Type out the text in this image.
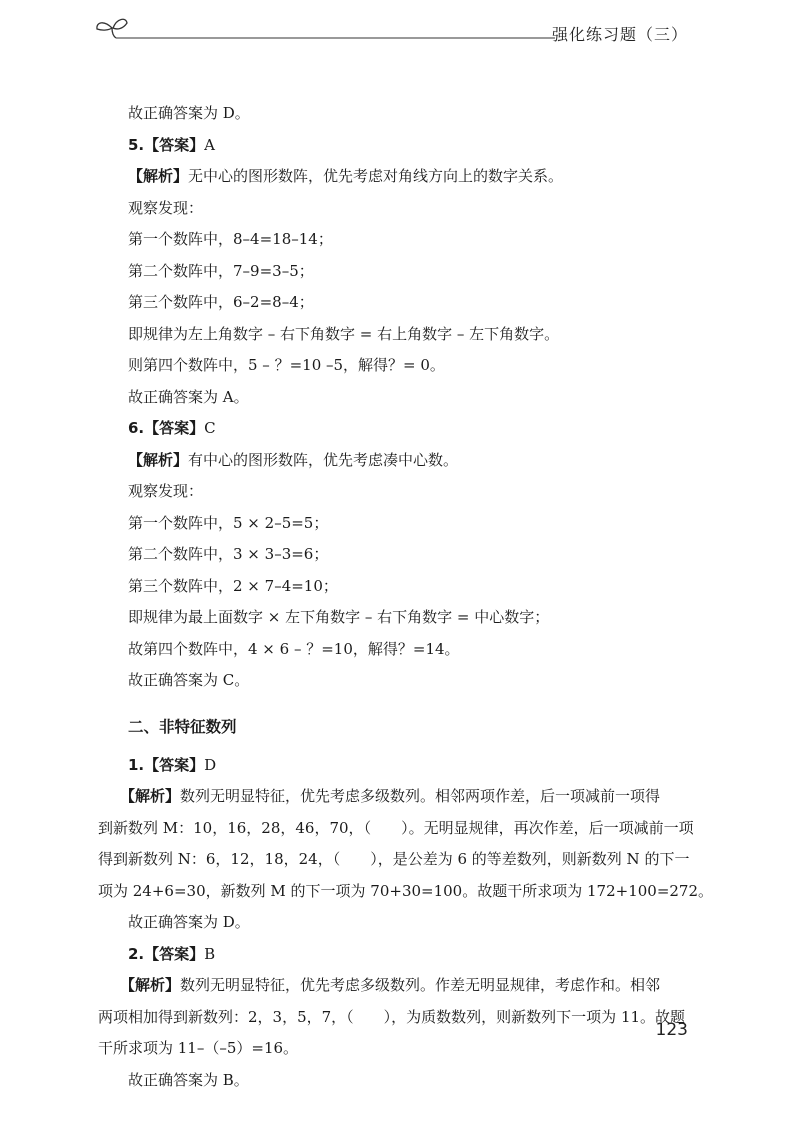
强化练习题（三）
故正确答案为 D。
5.【答案】A
【解析】无中心的图形数阵，优先考虑对角线方向上的数字关系。
观察发现：
第一个数阵中，8–4=18–14；
第二个数阵中，7–9=3–5；
第三个数阵中，6–2=8–4；
即规律为左上角数字 – 右下角数字 = 右上角数字 – 左下角数字。
则第四个数阵中，5 – ？=10 –5，解得？= 0。
故正确答案为 A。
6.【答案】C
【解析】有中心的图形数阵，优先考虑凑中心数。
观察发现：
第一个数阵中，5 × 2–5=5；
第二个数阵中，3 × 3–3=6；
第三个数阵中，2 × 7–4=10；
即规律为最上面数字 × 左下角数字 – 右下角数字 = 中心数字；
故第四个数阵中，4 × 6 – ？=10，解得？=14。
故正确答案为 C。
二、非特征数列
1.【答案】D
【解析】数列无明显特征，优先考虑多级数列。相邻两项作差，后一项减前一项得
到新数列 M：10，16，28，46，70，（　　）。无明显规律，再次作差，后一项减前一项
得到新数列 N：6，12，18，24，（　　），是公差为 6 的等差数列，则新数列 N 的下一
项为 24+6=30，新数列 M 的下一项为 70+30=100。故题干所求项为 172+100=272。
故正确答案为 D。
2.【答案】B
【解析】数列无明显特征，优先考虑多级数列。作差无明显规律，考虑作和。相邻
两项相加得到新数列：2，3，5，7，（　　），为质数数列，则新数列下一项为 11。故题
干所求项为 11–（–5）=16。
故正确答案为 B。
123
